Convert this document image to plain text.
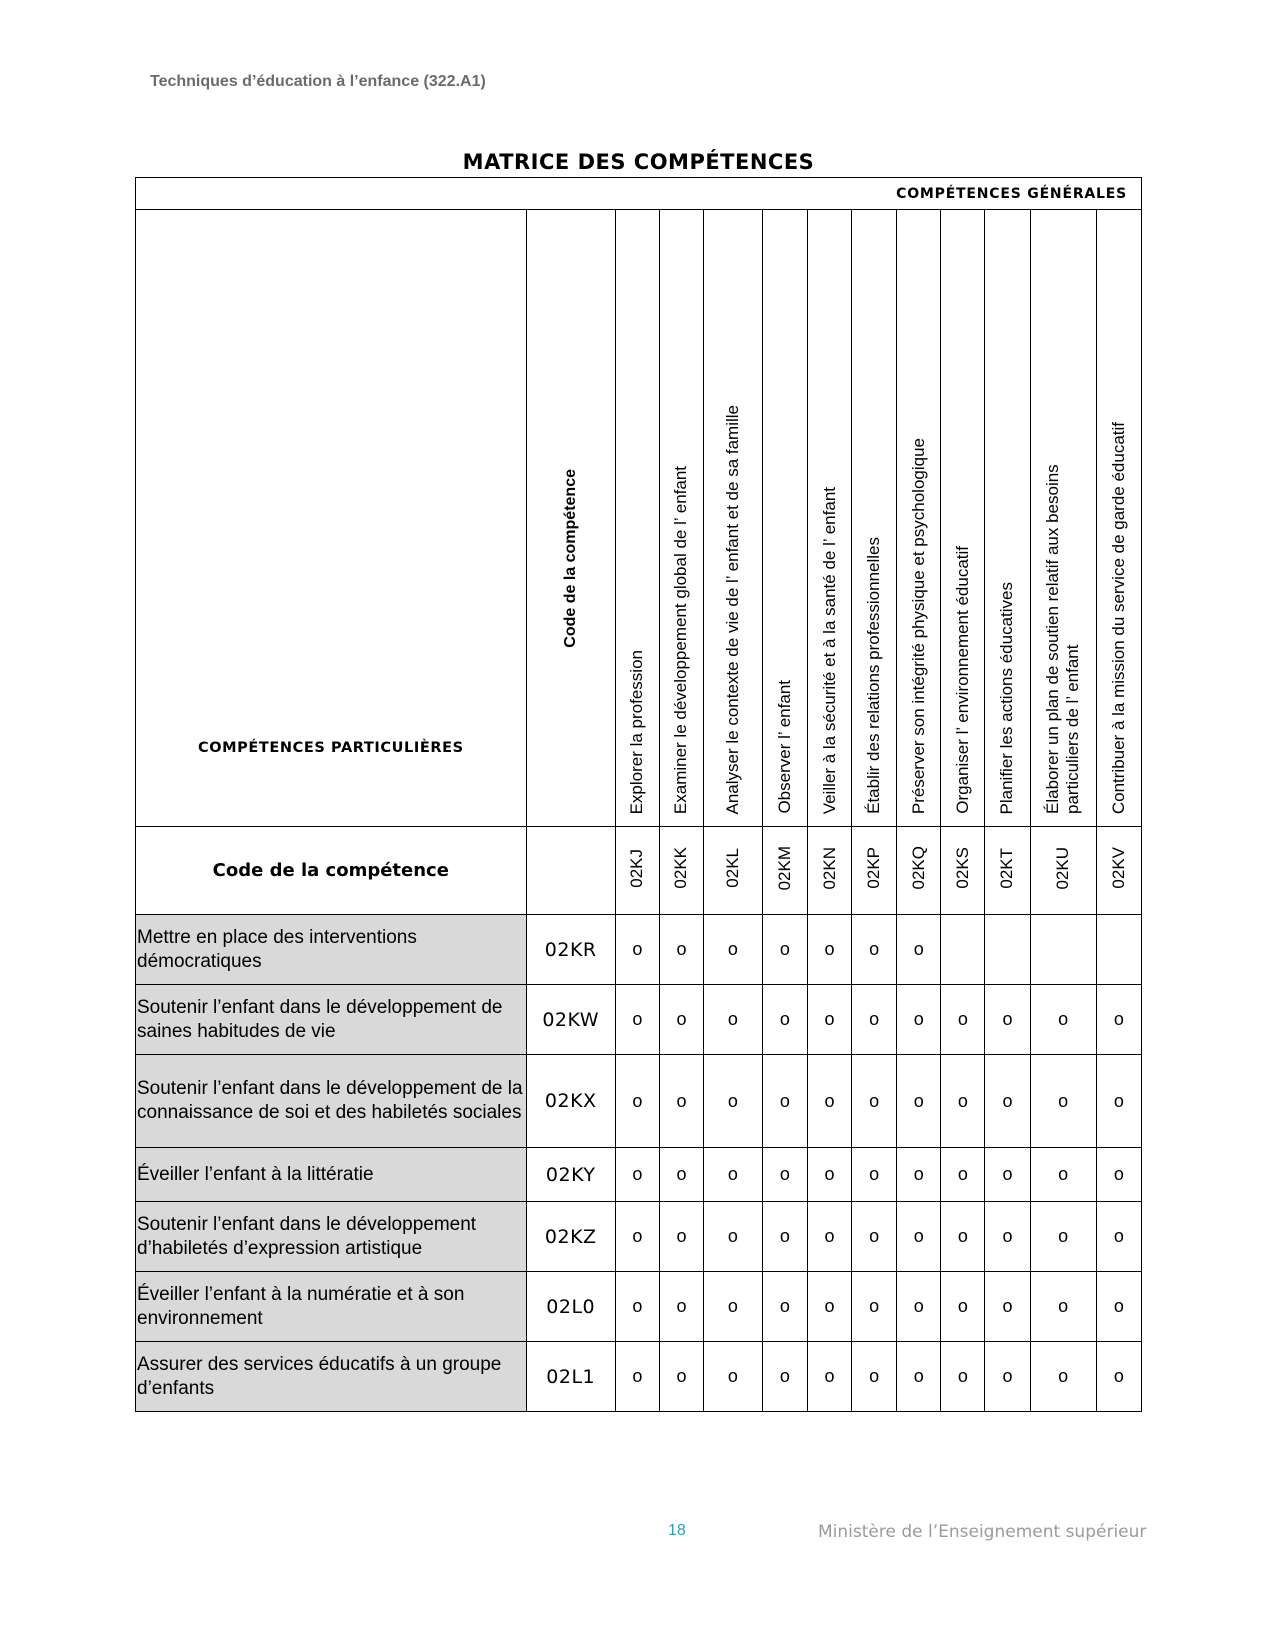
Techniques d’éducation à l’enfance (322.A1)
MATRICE DES COMPÉTENCES
COMPÉTENCES GÉNÉRALES												
COMPÉTENCES PARTICULIÈRES	Code de la compétence	Explorer la profession	Examiner le développement global de l’ enfant	Analyser le contexte de vie de l’ enfant et de sa famille	Observer l’ enfant	Veiller à la sécurité et à la santé de l’ enfant	Établir des relations professionnelles	Préserver son intégrité physique et psychologique	Organiser l’ environnement éducatif	Planifier les actions éducatives	Élaborer un plan de soutien relatif aux besoins particuliers de l’ enfant	Contribuer à la mission du service de garde éducatif

Code de la compétence		02KJ	02KK	02KL	02KM	02KN	02KP	02KQ	02KS	02KT	02KU	02KV
Mettre en place des interventions démocratiques	02KR	o	o	o	o	o	o	o				
Soutenir l’enfant dans le développement de saines habitudes de vie	02KW	o	o	o	o	o	o	o	o	o	o	o
Soutenir l’enfant dans le développement de la connaissance de soi et des habiletés sociales	02KX	o	o	o	o	o	o	o	o	o	o	o
Éveiller l’enfant à la littératie	02KY	o	o	o	o	o	o	o	o	o	o	o
Soutenir l’enfant dans le développement d’habiletés d’expression artistique	02KZ	o	o	o	o	o	o	o	o	o	o	o
Éveiller l’enfant à la numératie et à son environnement	02L0	o	o	o	o	o	o	o	o	o	o	o
Assurer des services éducatifs à un groupe d’enfants	02L1	o	o	o	o	o	o	o	o	o	o	o
18	Ministère de l’Enseignement supérieur
